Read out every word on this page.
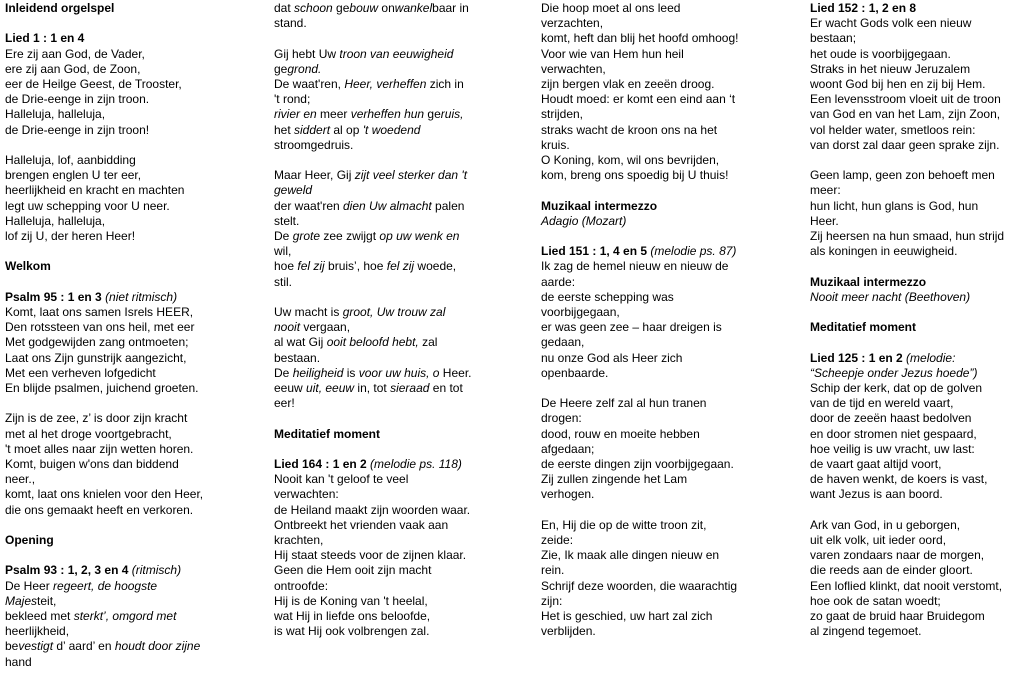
Inleidend orgelspel
Lied 1 : 1 en 4
Ere zij aan God, de Vader,
ere zij aan God, de Zoon,
eer de Heilge Geest, de Trooster,
de Drie-eenge in zijn troon.
Halleluja, halleluja,
de Drie-eenge in zijn troon!
Halleluja, lof, aanbidding
brengen englen U ter eer,
heerlijkheid en kracht en machten
legt uw schepping voor U neer.
Halleluja, halleluja,
lof zij U, der heren Heer!
Welkom
Psalm 95 : 1 en 3 (niet ritmisch)
Komt, laat ons samen Isrels HEER,
Den rotssteen van ons heil, met eer
Met godgewijden zang ontmoeten;
Laat ons Zijn gunstrijk aangezicht,
Met een verheven lofgedicht
En blijde psalmen, juichend groeten.
Zijn is de zee, z’ is door zijn kracht
met al het droge voortgebracht,
't moet alles naar zijn wetten horen.
Komt, buigen w'ons dan biddend
neer.,
komt, laat ons knielen voor den Heer,
die ons gemaakt heeft en verkoren.
Opening
Psalm 93 : 1, 2, 3 en 4 (ritmisch)
De Heer regeert, de hoogste
Majesteit,
bekleed met sterkt’, omgord met
heerlijkheid,
bevestigt d’ aard’ en houdt door zijne
hand
dat schoon gebouw onwankelbaar in
stand.
Gij hebt Uw troon van eeuwigheid
gegrond.
De waat'ren, Heer, verheffen zich in
't rond;
rivier en meer verheffen hun geruis,
het siddert al op 't woedend
stroomgedruis.
Maar Heer, Gij zijt veel sterker dan 't
geweld
der waat'ren dien Uw almacht palen
stelt.
De grote zee zwijgt op uw wenk en
wil,
hoe fel zij bruis’, hoe fel zij woede,
stil.
Uw macht is groot, Uw trouw zal
nooit vergaan,
al wat Gij ooit beloofd hebt, zal
bestaan.
De heiligheid is voor uw huis, o Heer.
eeuw uit, eeuw in, tot sieraad en tot
eer!
Meditatief moment
Lied 164 : 1 en 2 (melodie ps. 118)
Nooit kan 't geloof te veel
verwachten:
de Heiland maakt zijn woorden waar.
Ontbreekt het vrienden vaak aan
krachten,
Hij staat steeds voor de zijnen klaar.
Geen die Hem ooit zijn macht
ontroofde:
Hij is de Koning van 't heelal,
wat Hij in liefde ons beloofde,
is wat Hij ook volbrengen zal.
Die hoop moet al ons leed
verzachten,
komt, heft dan blij het hoofd omhoog!
Voor wie van Hem hun heil
verwachten,
zijn bergen vlak en zeeën droog.
Houdt moed: er komt een eind aan ‘t
strijden,
straks wacht de kroon ons na het
kruis.
O Koning, kom, wil ons bevrijden,
kom, breng ons spoedig bij U thuis!
Muzikaal intermezzo
Adagio (Mozart)
Lied 151 : 1, 4 en 5 (melodie ps. 87)
Ik zag de hemel nieuw en nieuw de
aarde:
de eerste schepping was
voorbijgegaan,
er was geen zee – haar dreigen is
gedaan,
nu onze God als Heer zich
openbaarde.
De Heere zelf zal al hun tranen
drogen:
dood, rouw en moeite hebben
afgedaan;
de eerste dingen zijn voorbijgegaan.
Zij zullen zingende het Lam
verhogen.
En, Hij die op de witte troon zit,
zeide:
Zie, Ik maak alle dingen nieuw en
rein.
Schrijf deze woorden, die waarachtig
zijn:
Het is geschied, uw hart zal zich
verblijden.
Lied 152 : 1, 2 en 8
Er wacht Gods volk een nieuw
bestaan;
het oude is voorbijgegaan.
Straks in het nieuw Jeruzalem
woont God bij hen en zij bij Hem.
Een levensstroom vloeit uit de troon
van God en van het Lam, zijn Zoon,
vol helder water, smetloos rein:
van dorst zal daar geen sprake zijn.
Geen lamp, geen zon behoeft men
meer:
hun licht, hun glans is God, hun
Heer.
Zij heersen na hun smaad, hun strijd
als koningen in eeuwigheid.
Muzikaal intermezzo
Nooit meer nacht (Beethoven)
Meditatief moment
Lied 125 : 1 en 2 (melodie:
“Scheepje onder Jezus hoede”)
Schip der kerk, dat op de golven
van de tijd en wereld vaart,
door de zeeën haast bedolven
en door stromen niet gespaard,
hoe veilig is uw vracht, uw last:
de vaart gaat altijd voort,
de haven wenkt, de koers is vast,
want Jezus is aan boord.
Ark van God, in u geborgen,
uit elk volk, uit ieder oord,
varen zondaars naar de morgen,
die reeds aan de einder gloort.
Een loflied klinkt, dat nooit verstomt,
hoe ook de satan woedt;
zo gaat de bruid haar Bruidegom
al zingend tegemoet.
